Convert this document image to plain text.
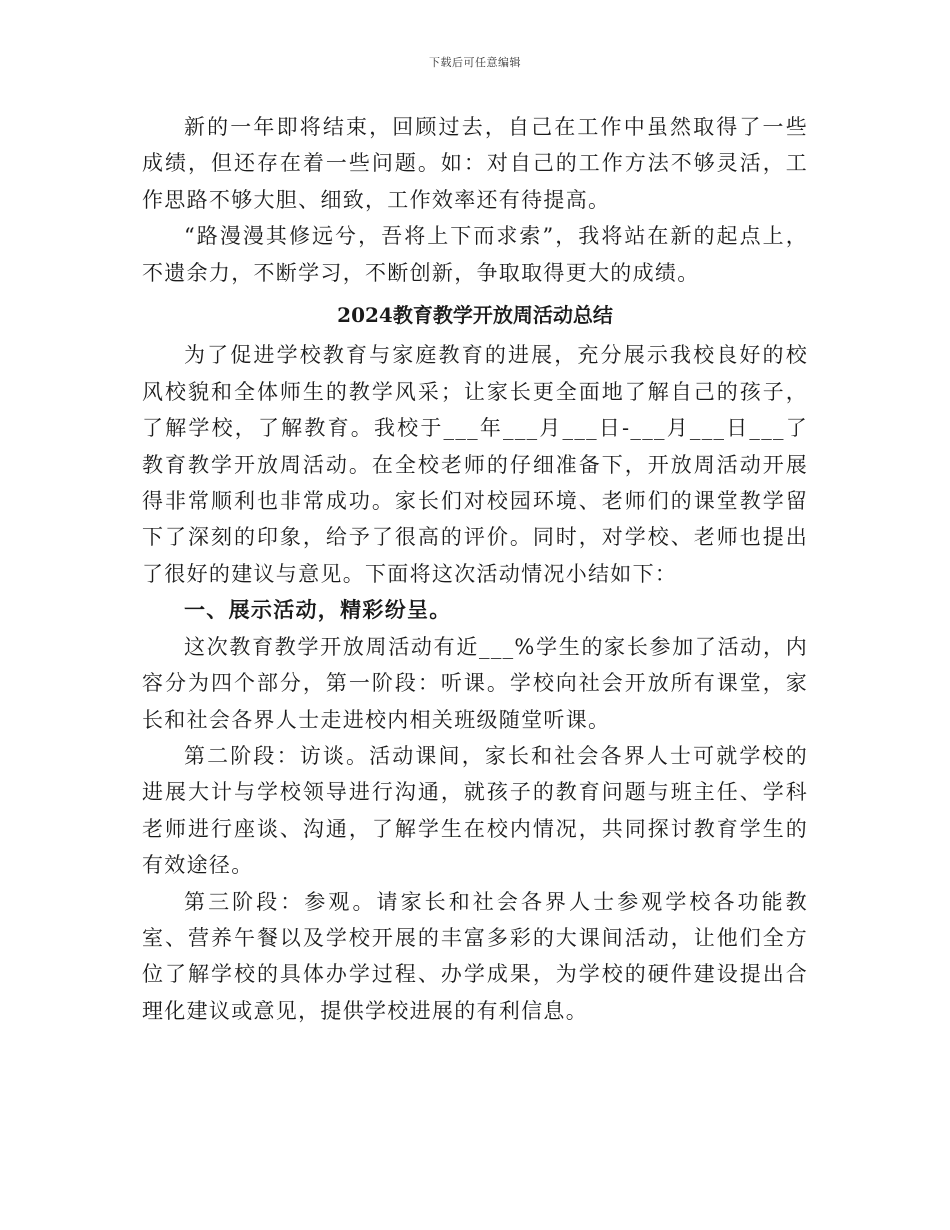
下载后可任意编辑

新的一年即将结束，回顾过去，自己在工作中虽然取得了一些成绩，但还存在着一些问题。如：对自己的工作方法不够灵活，工作思路不够大胆、细致，工作效率还有待提高。

“路漫漫其修远兮，吾将上下而求索”，我将站在新的起点上，不遗余力，不断学习，不断创新，争取取得更大的成绩。

2024教育教学开放周活动总结

为了促进学校教育与家庭教育的进展，充分展示我校良好的校风校貌和全体师生的教学风采；让家长更全面地了解自己的孩子，了解学校，了解教育。我校于___年___月___日-___月___日___了教育教学开放周活动。在全校老师的仔细准备下，开放周活动开展得非常顺利也非常成功。家长们对校园环境、老师们的课堂教学留下了深刻的印象，给予了很高的评价。同时，对学校、老师也提出了很好的建议与意见。下面将这次活动情况小结如下：

一、展示活动，精彩纷呈。

这次教育教学开放周活动有近___%学生的家长参加了活动，内容分为四个部分，第一阶段：听课。学校向社会开放所有课堂，家长和社会各界人士走进校内相关班级随堂听课。

第二阶段：访谈。活动课间，家长和社会各界人士可就学校的进展大计与学校领导进行沟通，就孩子的教育问题与班主任、学科老师进行座谈、沟通，了解学生在校内情况，共同探讨教育学生的有效途径。

第三阶段：参观。请家长和社会各界人士参观学校各功能教室、营养午餐以及学校开展的丰富多彩的大课间活动，让他们全方位了解学校的具体办学过程、办学成果，为学校的硬件建设提出合理化建议或意见，提供学校进展的有利信息。
